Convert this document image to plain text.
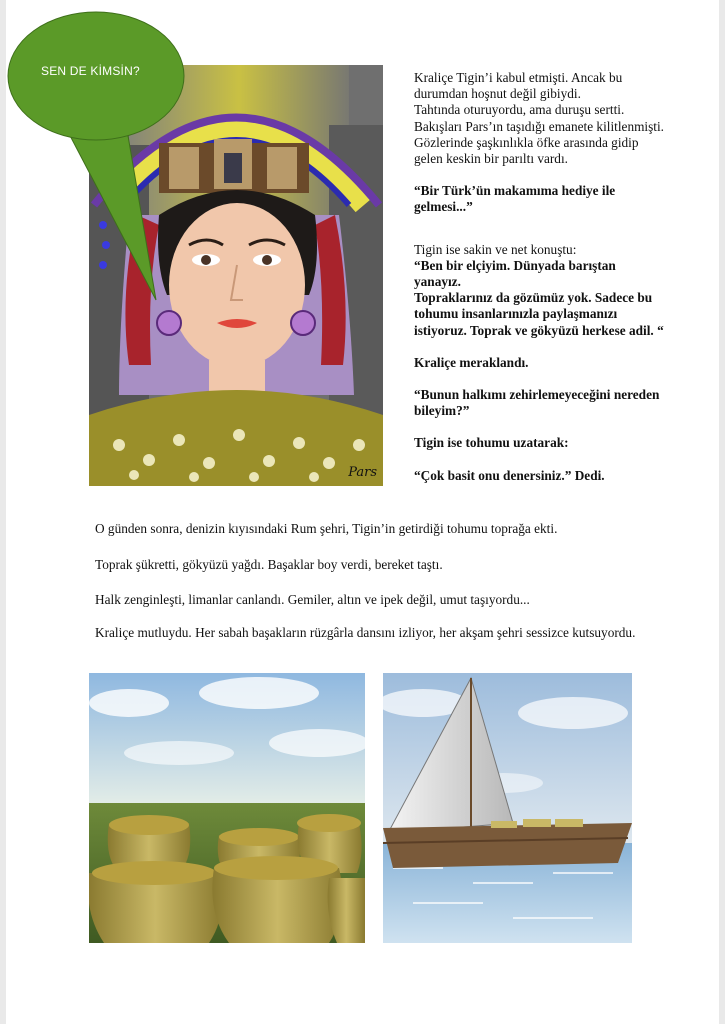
Pars
SEN DE KİMSİN?	Kraliçe Tigin’i kabul etmişti. Ancak bu

durumdan hoşnut değil gibiydi.

Tahtında oturuyordu, ama duruşu sertti.

Bakışları Pars’ın taşıdığı emanete kilitlenmişti.

Gözlerinde şaşkınlıkla öfke arasında gidip

gelen keskin bir parıltı vardı.

“Bir Türk’ün makamıma hediye ile

gelmesi...”

Tigin ise sakin ve net konuştu:

“Ben bir elçiyim. Dünyada barıştan yanayız.

Topraklarınız da gözümüz yok. Sadece bu

tohumu insanlarınızla paylaşmanızı

istiyoruz. Toprak ve gökyüzü herkese adil. “

Kraliçe meraklandı.

“Bunun halkımı zehirlemeyeceğini nereden

bileyim?”

Tigin ise tohumu uzatarak:

“Çok basit onu denersiniz.” Dedi.

O günden sonra, denizin kıyısındaki Rum şehri, Tigin’in getirdiği tohumu toprağa ekti.

Toprak şükretti, gökyüzü yağdı. Başaklar boy verdi, bereket taştı.

Halk zenginleşti, limanlar canlandı. Gemiler, altın ve ipek değil, umut taşıyordu...

Kraliçe mutluydu. Her sabah başakların rüzgârla dansını izliyor, her akşam şehri sessizce kutsuyordu.
